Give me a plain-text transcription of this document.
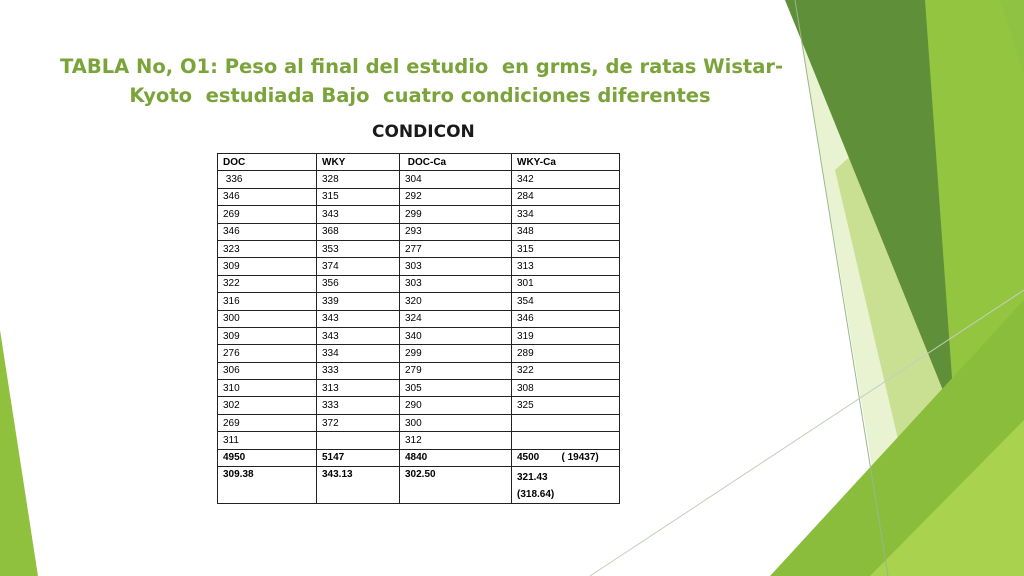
TABLA No, O1: Peso al final del estudio  en grms, de ratas Wistar-
Kyoto  estudiada Bajo  cuatro condiciones diferentes
CONDICON
DOC	WKY	DOC-Ca	WKY-Ca
336	328	304	342
346	315	292	284
269	343	299	334
346	368	293	348
323	353	277	315
309	374	303	313
322	356	303	301
316	339	320	354
300	343	324	346
309	343	340	319
276	334	299	289
306	333	279	322
310	313	305	308
302	333	290	325
269	372	300	
311		312	
4950	5147	4840	4500        ( 19437)
309.38	343.13	302.50	321.43
(318.64)
